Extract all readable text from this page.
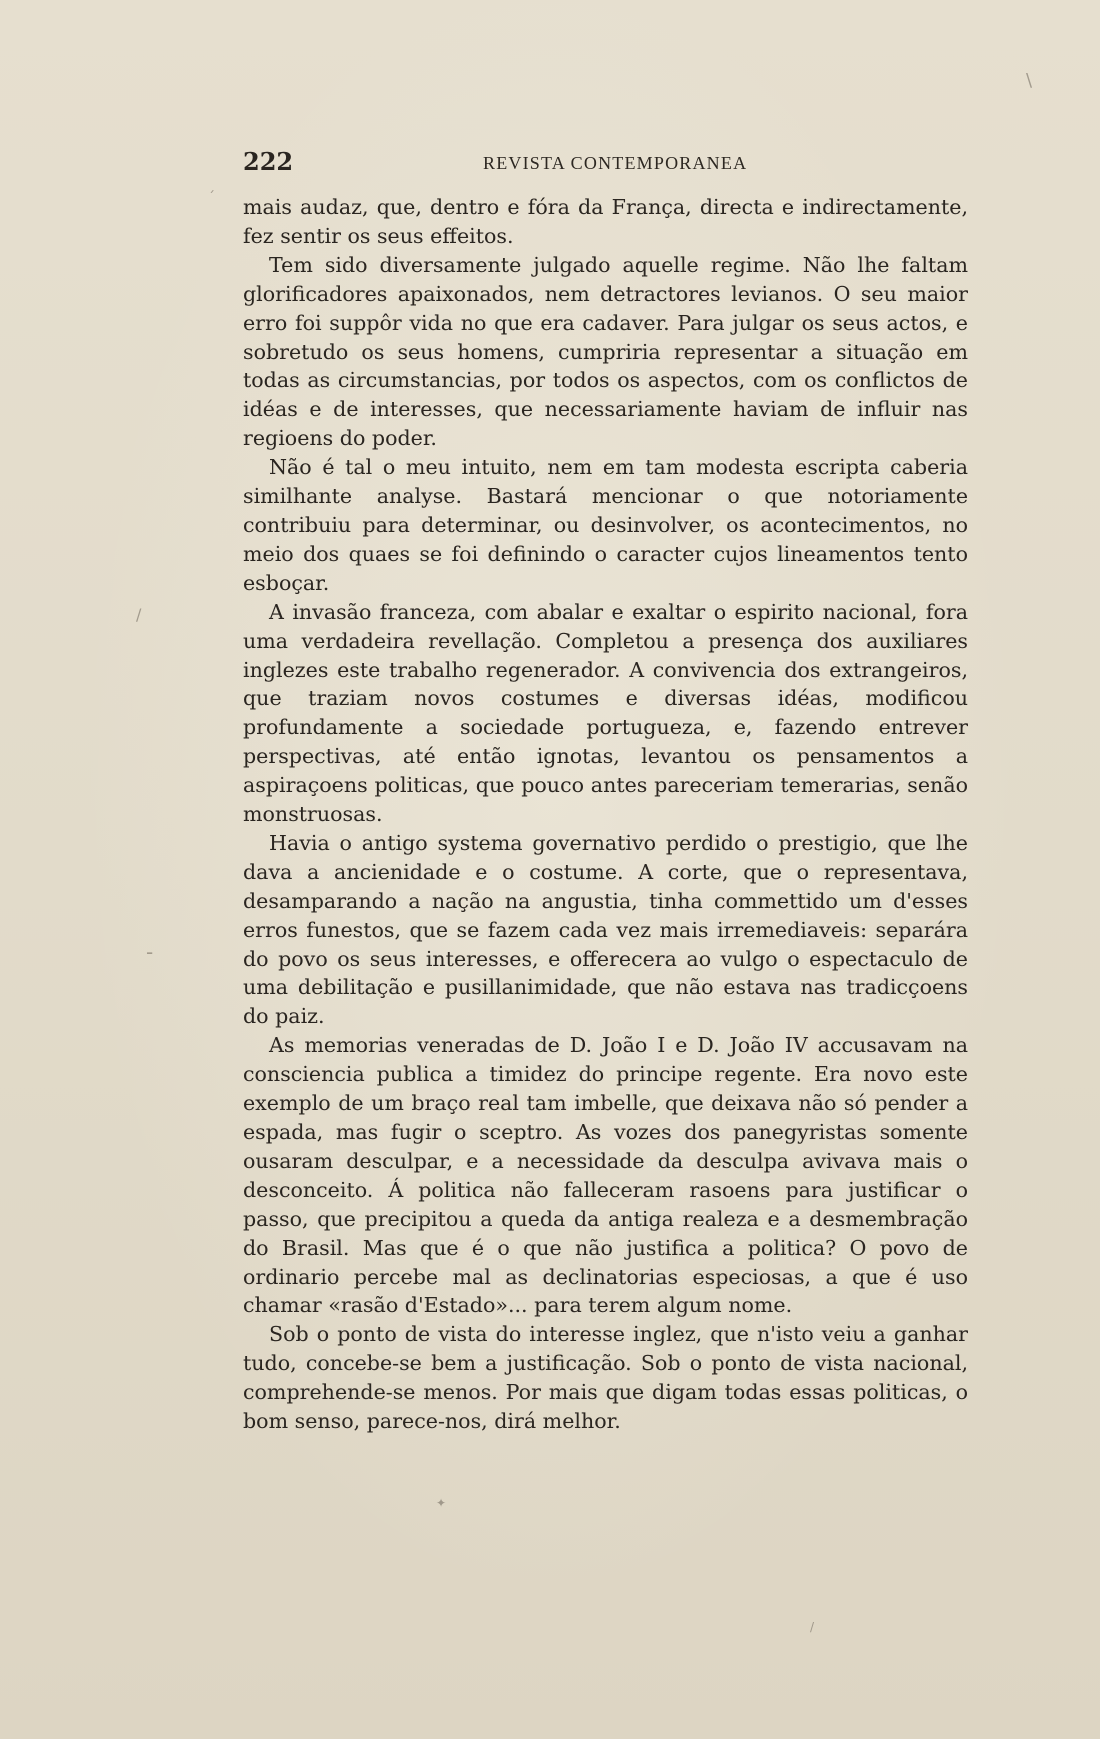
222	REVISTA CONTEMPORANEA

mais audaz, que, dentro e fóra da França, directa e indirectamente, fez sentir os seus effeitos.

Tem sido diversamente julgado aquelle regime. Não lhe faltam glorificadores apaixonados, nem detractores levianos. O seu maior erro foi suppôr vida no que era cadaver. Para julgar os seus actos, e sobretudo os seus homens, cumpriria representar a situação em todas as circumstancias, por todos os aspectos, com os conflictos de idéas e de interesses, que necessariamente haviam de influir nas regioens do poder.

Não é tal o meu intuito, nem em tam modesta escripta caberia similhante analyse. Bastará mencionar o que notoriamente contribuiu para determinar, ou desinvolver, os acontecimentos, no meio dos quaes se foi definindo o caracter cujos lineamentos tento esboçar.

A invasão franceza, com abalar e exaltar o espirito nacional, fora uma verdadeira revellação. Completou a presença dos auxiliares inglezes este trabalho regenerador. A convivencia dos extrangeiros, que traziam novos costumes e diversas idéas, modificou profundamente a sociedade portugueza, e, fazendo entrever perspectivas, até então ignotas, levantou os pensamentos a aspiraçoens politicas, que pouco antes pareceriam temerarias, senão monstruosas.

Havia o antigo systema governativo perdido o prestigio, que lhe dava a ancienidade e o costume. A corte, que o representava, desamparando a nação na angustia, tinha commettido um d'esses erros funestos, que se fazem cada vez mais irremediaveis: separára do povo os seus interesses, e offerecera ao vulgo o espectaculo de uma debilitação e pusillanimidade, que não estava nas tradicçoens do paiz.

As memorias veneradas de D. João I e D. João IV accusavam na consciencia publica a timidez do principe regente. Era novo este exemplo de um braço real tam imbelle, que deixava não só pender a espada, mas fugir o sceptro. As vozes dos panegyristas somente ousaram desculpar, e a necessidade da desculpa avivava mais o desconceito. Á politica não falleceram rasoens para justificar o passo, que precipitou a queda da antiga realeza e a desmembração do Brasil. Mas que é o que não justifica a politica? O povo de ordinario percebe mal as declinatorias especiosas, a que é uso chamar «rasão d'Estado»... para terem algum nome.

Sob o ponto de vista do interesse inglez, que n'isto veiu a ganhar tudo, concebe-se bem a justificação. Sob o ponto de vista nacional, comprehende-se menos. Por mais que digam todas essas politicas, o bom senso, parece-nos, dirá melhor.

\
´
/
-
✦
/
